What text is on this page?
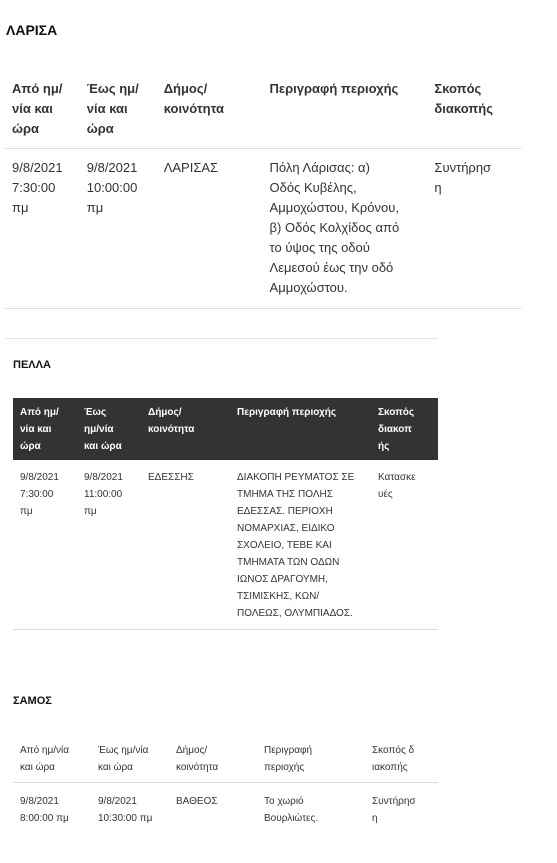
ΛΑΡΙΣΑ
Από ημ/νία και ώρα	Έως ημ/νία και ώρα	Δήμος/ κοινότητα	Περιγραφή περιοχής	Σκοπός διακοπής
9/8/2021 7:30:00 πμ	9/8/2021 10:00:00 πμ	ΛΑΡΙΣΑΣ	Πόλη Λάρισας: α) Οδός Κυβέλης, Αμμοχώστου, Κρόνου, β) Οδός Κολχίδος από το ύψος της οδού Λεμεσού έως την οδό Αμμοχώστου.	Συντήρηση
ΠΕΛΛΑ
Από ημ/νία και ώρα	Έως ημ/νία και ώρα	Δήμος/ κοινότητα	Περιγραφή περιοχής	Σκοπός διακοπής
9/8/2021 7:30:00 πμ	9/8/2021 11:00:00 πμ	ΕΔΕΣΣΗΣ	ΔΙΑΚΟΠΗ ΡΕΥΜΑΤΟΣ ΣΕ ΤΜΗΜΑ ΤΗΣ ΠΟΛΗΣ ΕΔΕΣΣΑΣ. ΠΕΡΙΟΧΗ ΝΟΜΑΡΧΙΑΣ, ΕΙΔΙΚΟ ΣΧΟΛΕΙΟ, ΤΕΒΕ ΚΑΙ ΤΜΗΜΑΤΑ ΤΩΝ ΟΔΩΝ ΙΩΝΟΣ ΔΡΑΓΟΥΜΗ, ΤΣΙΜΙΣΚΗΣ, ΚΩΝ/ ΠΟΛΕΩΣ, ΟΛΥΜΠΙΑΔΟΣ.	Κατασκευές
ΣΑΜΟΣ
Από ημ/νία και ώρα	Έως ημ/νία και ώρα	Δήμος/ κοινότητα	Περιγραφή περιοχής	Σκοπός διακοπής
9/8/2021 8:00:00 πμ	9/8/2021 10:30:00 πμ	ΒΑΘΕΟΣ	Το χωριό Βουρλιώτες.	Συντήρηση
